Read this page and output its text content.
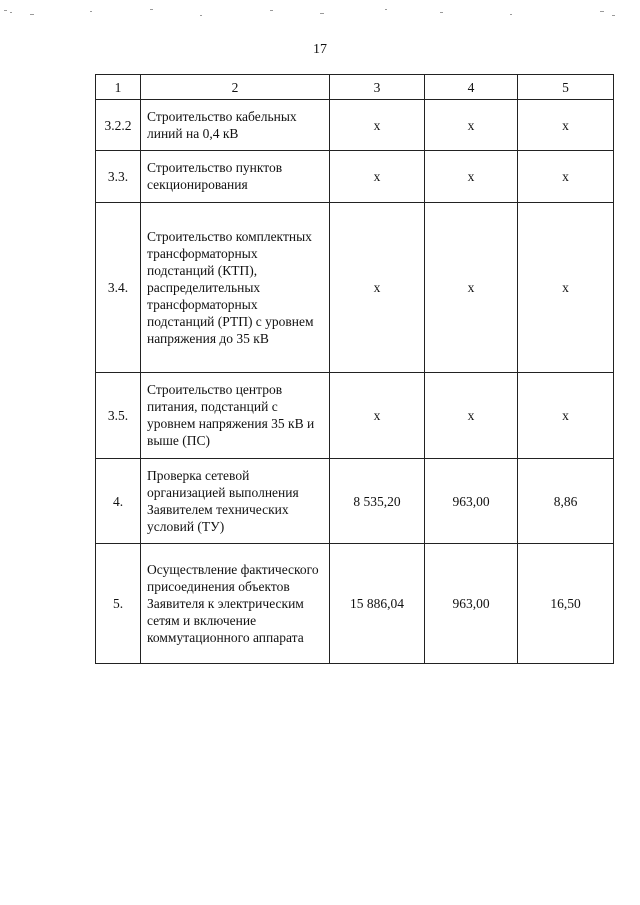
17
1	2	3	4	5
3.2.2	Строительство кабельных линий на 0,4 кВ	х	х	х
3.3.	Строительство пунктов секционирования	х	х	х
3.4.	Строительство комплектных трансформаторных подстанций (КТП), распределительных трансформаторных подстанций (РТП) с уровнем напряжения до 35 кВ	х	х	х
3.5.	Строительство центров питания, подстанций с уровнем напряжения 35 кВ и выше (ПС)	х	х	х
4.	Проверка сетевой организацией выполнения Заявителем технических условий (ТУ)	8 535,20	963,00	8,86
5.	Осуществление фактического присоединения объектов Заявителя к электрическим сетям и включение коммутационного аппарата	15 886,04	963,00	16,50
